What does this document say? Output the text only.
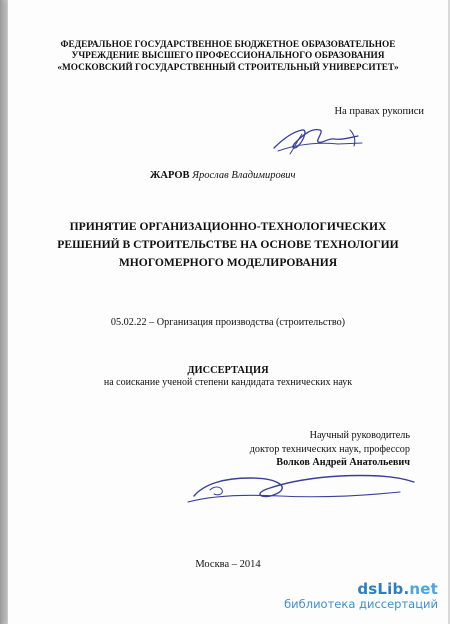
ФЕДЕРАЛЬНОЕ ГОСУДАРСТВЕННОЕ БЮДЖЕТНОЕ ОБРАЗОВАТЕЛЬНОЕ
УЧРЕЖДЕНИЕ ВЫСШЕГО ПРОФЕССИОНАЛЬНОГО ОБРАЗОВАНИЯ
«МОСКОВСКИЙ ГОСУДАРСТВЕННЫЙ СТРОИТЕЛЬНЫЙ УНИВЕРСИТЕТ»
На правах рукописи
ЖАРОВ Ярослав Владимирович
ПРИНЯТИЕ ОРГАНИЗАЦИОННО-ТЕХНОЛОГИЧЕСКИХ
РЕШЕНИЙ В СТРОИТЕЛЬСТВЕ НА ОСНОВЕ ТЕХНОЛОГИИ
МНОГОМЕРНОГО МОДЕЛИРОВАНИЯ
05.02.22 – Организация производства (строительство)
ДИССЕРТАЦИЯ
на соискание ученой степени кандидата технических наук
Научный руководитель
доктор технических наук, профессор
Волков Андрей Анатольевич
Москва – 2014
dsLib.net
библиотека диссертаций
